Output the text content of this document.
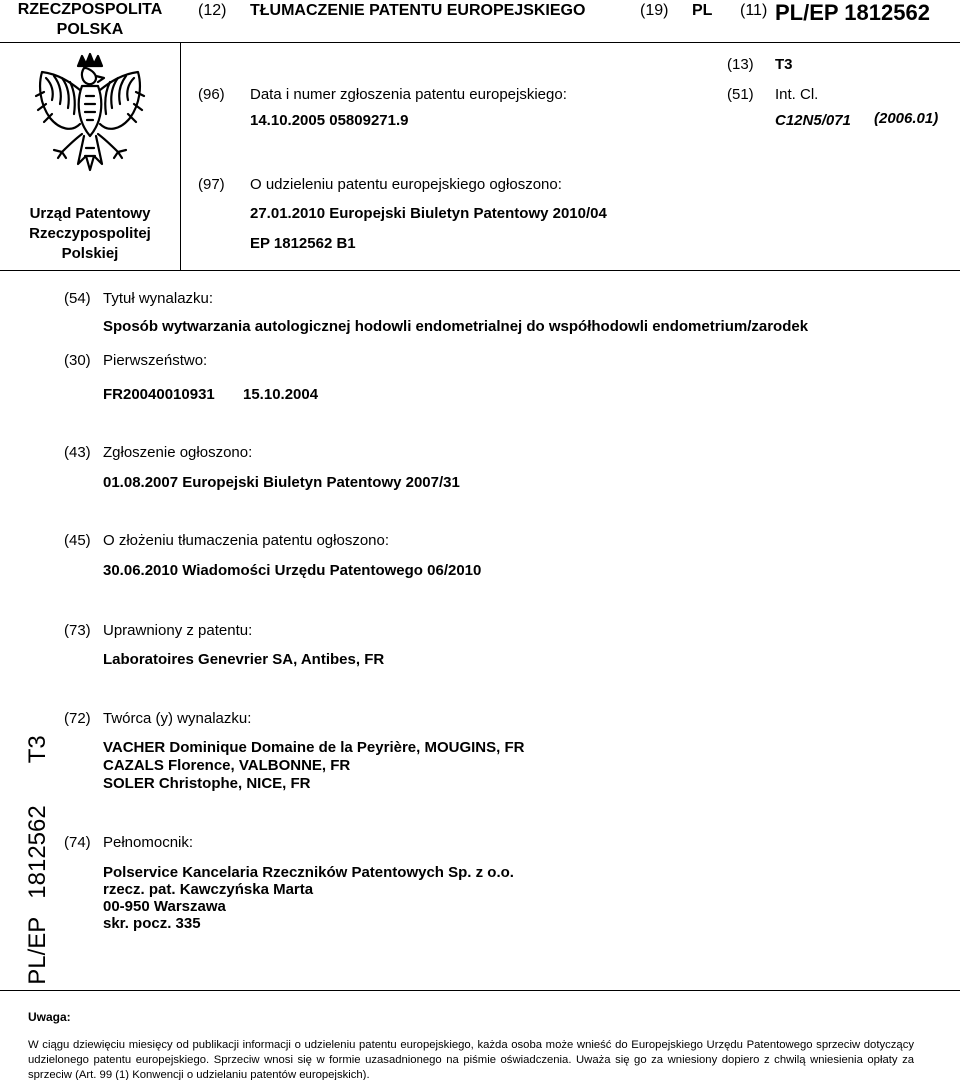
RZECZPOSPOLITA
POLSKA
(12) TŁUMACZENIE PATENTU EUROPEJSKIEGO	(19) PL (11) PL/EP 1812562
Urząd Patentowy
Rzeczypospolitej
Polskiej
(13) T3
(96) Data i numer zgłoszenia patentu europejskiego:
14.10.2005 05809271.9
(51) Int. Cl.
C12N5/071 (2006.01)
(97) O udzieleniu patentu europejskiego ogłoszono:
27.01.2010 Europejski Biuletyn Patentowy 2010/04
EP 1812562 B1
(54) Tytuł wynalazku:
Sposób wytwarzania autologicznej hodowli endometrialnej do współhodowli endometrium/zarodek
(30) Pierwszeństwo:
FR20040010931 15.10.2004
(43) Zgłoszenie ogłoszono:
01.08.2007 Europejski Biuletyn Patentowy 2007/31
(45) O złożeniu tłumaczenia patentu ogłoszono:
30.06.2010 Wiadomości Urzędu Patentowego 06/2010
(73) Uprawniony z patentu:
Laboratoires Genevrier SA, Antibes, FR
(72) Twórca (y) wynalazku:
VACHER Dominique Domaine de la Peyrière, MOUGINS, FR
CAZALS Florence, VALBONNE, FR
SOLER Christophe, NICE, FR
(74) Pełnomocnik:
Polservice Kancelaria Rzeczników Patentowych Sp. z o.o.
rzecz. pat. Kawczyńska Marta
00-950 Warszawa
skr. pocz. 335
PL/EP1812562T3
Uwaga:
W ciągu dziewięciu miesięcy od publikacji informacji o udzieleniu patentu europejskiego, każda osoba może wnieść do Europejskiego Urzędu Patentowego sprzeciw dotyczący udzielonego patentu europejskiego. Sprzeciw wnosi się w formie uzasadnionego na piśmie oświadczenia. Uważa się go za wniesiony dopiero z chwilą wniesienia opłaty za sprzeciw (Art. 99 (1) Konwencji o udzielaniu patentów europejskich).
